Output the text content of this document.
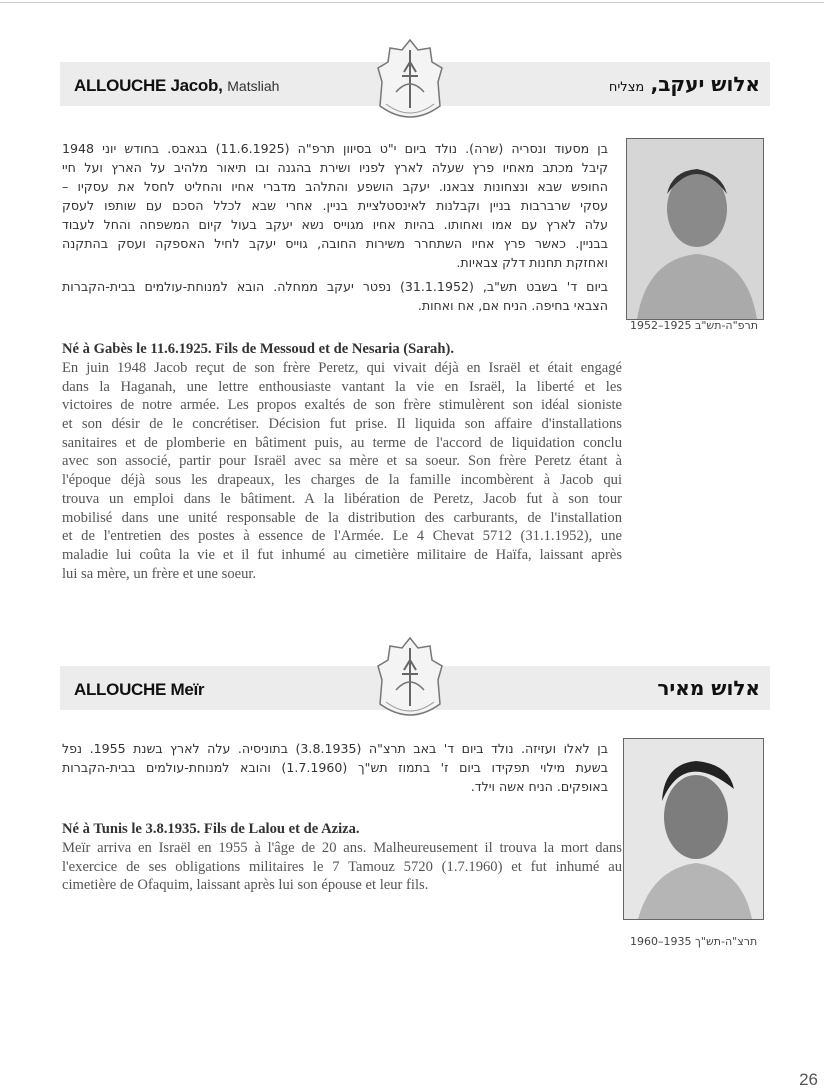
ALLOUCHE Jacob, Matsliah	אלוש יעקב, מצליח
בן מסעוד ונסריה (שרה). נולד ביום י"ט בסיוון תרפ"ה (11.6.1925) בגאבס. בחודש יוני 1948
קיבל מכתב מאחיו פרץ שעלה לארץ לפניו ושירת בהגנה ובו תיאור מלהיב על הארץ ועל חיי
החופש שבא ונצחונות צבאנו. יעקב הושפע והתלהב מדברי אחיו והחליט לחסל את עסקיו –
עסקי שרברבות בניין וקבלנות לאינסטלציית בניין. אחרי שבא לכלל הסכם עם שותפו לעסק
עלה לארץ עם אמו ואחותו. בהיות אחיו מגוייס נשא יעקב בעול קיום המשפחה והחל לעבוד
בבניין. כאשר פרץ אחיו השתחרר משירות החובה, גוייס יעקב לחיל האספקה ועסק בהתקנה
ואחזקת תחנות דלק צבאיות.
ביום ד' בשבט תש"ב, (31.1.1952) נפטר יעקב ממחלה. הובא למנוחת-עולמים בבית-הקברות
הצבאי בחיפה. הניח אם, אח ואחות.
תרפ"ה-תש"ב 1925–1952
Né à Gabès le 11.6.1925. Fils de Messoud et de Nesaria (Sarah).
En juin 1948 Jacob reçut de son frère Peretz, qui vivait déjà en Israël et était engagé
dans la Haganah, une lettre enthousiaste vantant la vie en Israël, la liberté et les
victoires de notre armée. Les propos exaltés de son frère stimulèrent son idéal sioniste
et son désir de le concrétiser. Décision fut prise. Il liquida son affaire d'installations
sanitaires et de plomberie en bâtiment puis, au terme de l'accord de liquidation conclu
avec son associé, partir pour Israël avec sa mère et sa soeur. Son frère Peretz étant à
l'époque déjà sous les drapeaux, les charges de la famille incombèrent à Jacob qui
trouva un emploi dans le bâtiment. A la libération de Peretz, Jacob fut à son tour
mobilisé dans une unité responsable de la distribution des carburants, de l'installation
et de l'entretien des postes à essence de l'Armée. Le 4 Chevat 5712 (31.1.1952), une
maladie lui coûta la vie et il fut inhumé au cimetière militaire de Haïfa, laissant après
lui sa mère, un frère et une soeur.
ALLOUCHE Meïr	אלוש מאיר
בן לאלו ועזיזה. נולד ביום ד' באב תרצ"ה (3.8.1935) בתוניסיה. עלה לארץ בשנת 1955. נפל
בשעת מילוי תפקידו ביום ז' בתמוז תש"ך (1.7.1960) והובא למנוחת-עולמים בבית-הקברות
באופקים. הניח אשה וילד.
תרצ"ה-תש"ך 1935–1960
Né à Tunis le 3.8.1935. Fils de Lalou et de Aziza.
Meïr arriva en Israël en 1955 à l'âge de 20 ans. Malheureusement il trouva la mort dans
l'exercice de ses obligations militaires le 7 Tamouz 5720 (1.7.1960) et fut inhumé au
cimetière de Ofaquim, laissant après lui son épouse et leur fils.
26
